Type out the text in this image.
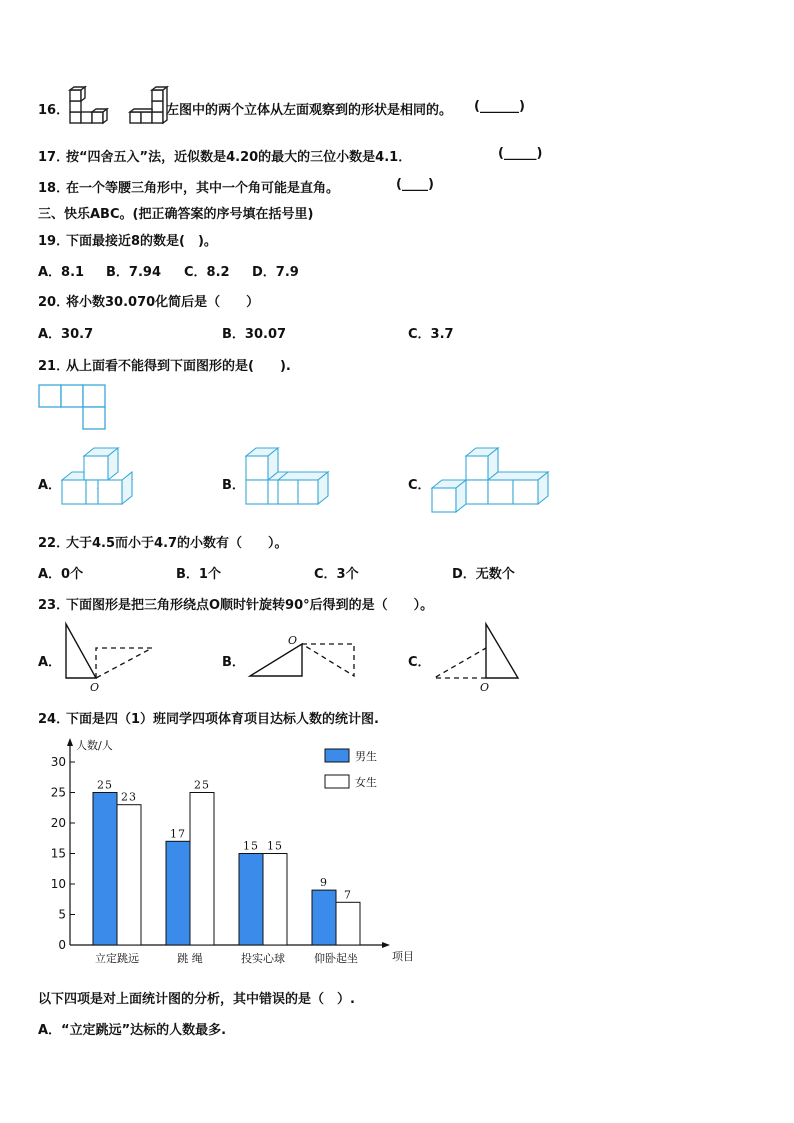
16．	左图中的两个立体从左面观察到的形状是相同的。 (______)
17．
按“四舍五入”法，近似数是4.20的最大的三位小数是4.1．	(_____)
18．
在一个等腰三角形中，其中一个角可能是直角。	(____)
三、快乐ABC。(把正确答案的序号填在括号里)
19．
下面最接近8的数是(　)。
A．8.1 B．7.94 C．8.2 D．7.9
20．
将小数30.070化简后是（　　）
A．30.7	B．30.07	C．3.7
21．
从上面看不能得到下面图形的是(　　).
A．	B．	C．
22．
大于4.5而小于4.7的小数有（　　）。
A．0个	B．1个	C．3个	D．无数个
23．
下面图形是把三角形绕点O顺时针旋转90°后得到的是（　　）。
A．
O
B．
O
C．
O
24．
下面是四（1）班同学四项体育项目达标人数的统计图.
人数/人
项目
0
5
10
15
20
25
30
25
23
立定跳远
17
25
跳 绳
15 15
投实心球
9
7
仰卧起坐
男生
女生
以下四项是对上面统计图的分析，其中错误的是（　）.
A．“立定跳远”达标的人数最多.
